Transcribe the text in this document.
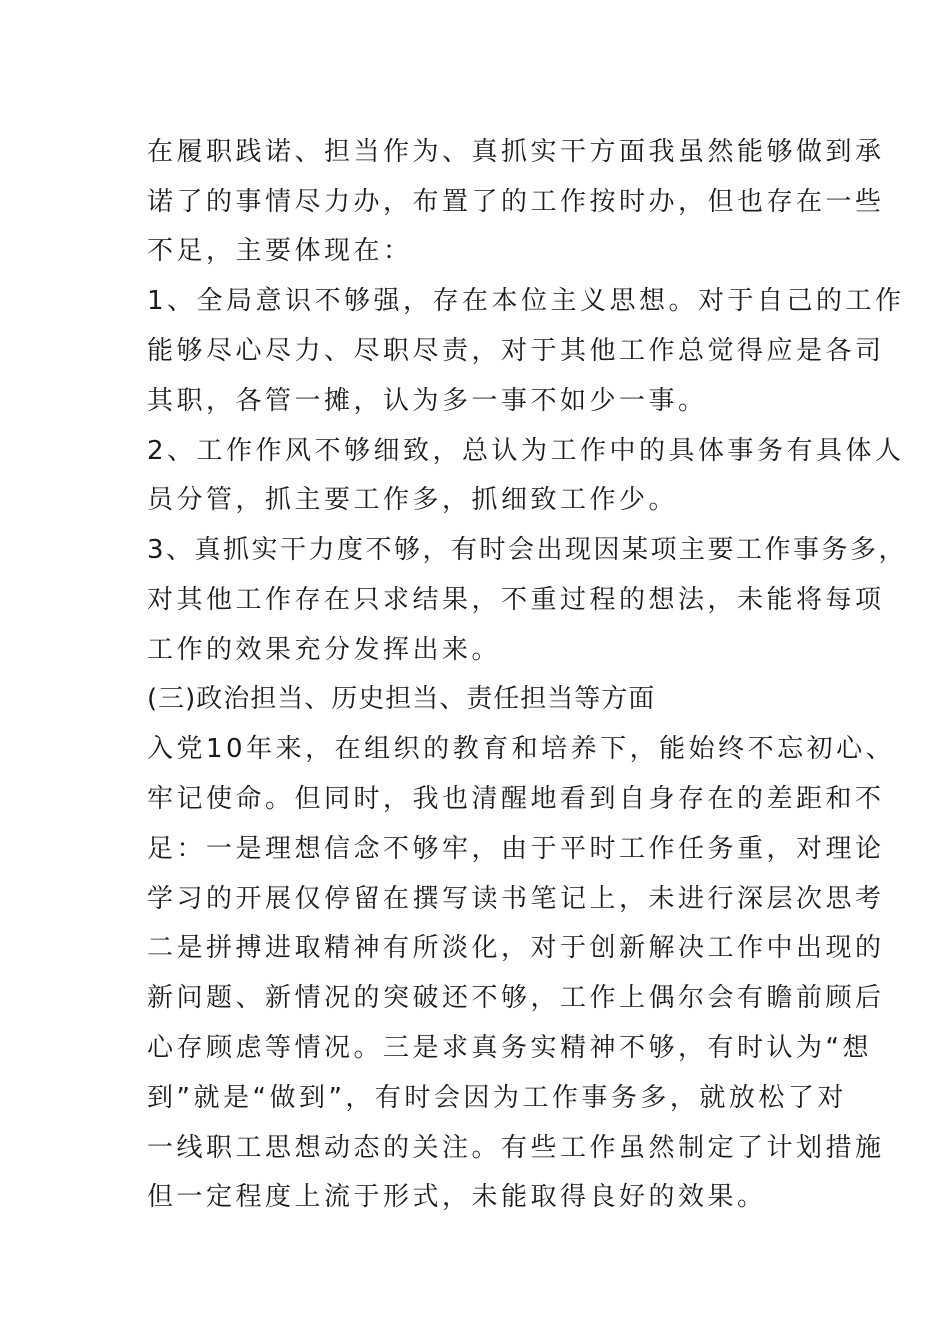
在履职践诺、担当作为、真抓实干方面我虽然能够做到承
诺了的事情尽力办，布置了的工作按时办，但也存在一些
不足，主要体现在：
1、全局意识不够强，存在本位主义思想。对于自己的工作
能够尽心尽力、尽职尽责，对于其他工作总觉得应是各司
其职，各管一摊，认为多一事不如少一事。
2、工作作风不够细致，总认为工作中的具体事务有具体人
员分管，抓主要工作多，抓细致工作少。
3、真抓实干力度不够，有时会出现因某项主要工作事务多，
对其他工作存在只求结果，不重过程的想法，未能将每项
工作的效果充分发挥出来。
(三)政治担当、历史担当、责任担当等方面
入党10年来，在组织的教育和培养下，能始终不忘初心、
牢记使命。但同时，我也清醒地看到自身存在的差距和不
足：一是理想信念不够牢，由于平时工作任务重，对理论
学习的开展仅停留在撰写读书笔记上，未进行深层次思考
二是拼搏进取精神有所淡化，对于创新解决工作中出现的
新问题、新情况的突破还不够，工作上偶尔会有瞻前顾后
心存顾虑等情况。三是求真务实精神不够，有时认为“想
到”就是“做到”，有时会因为工作事务多，就放松了对
一线职工思想动态的关注。有些工作虽然制定了计划措施
但一定程度上流于形式，未能取得良好的效果。
